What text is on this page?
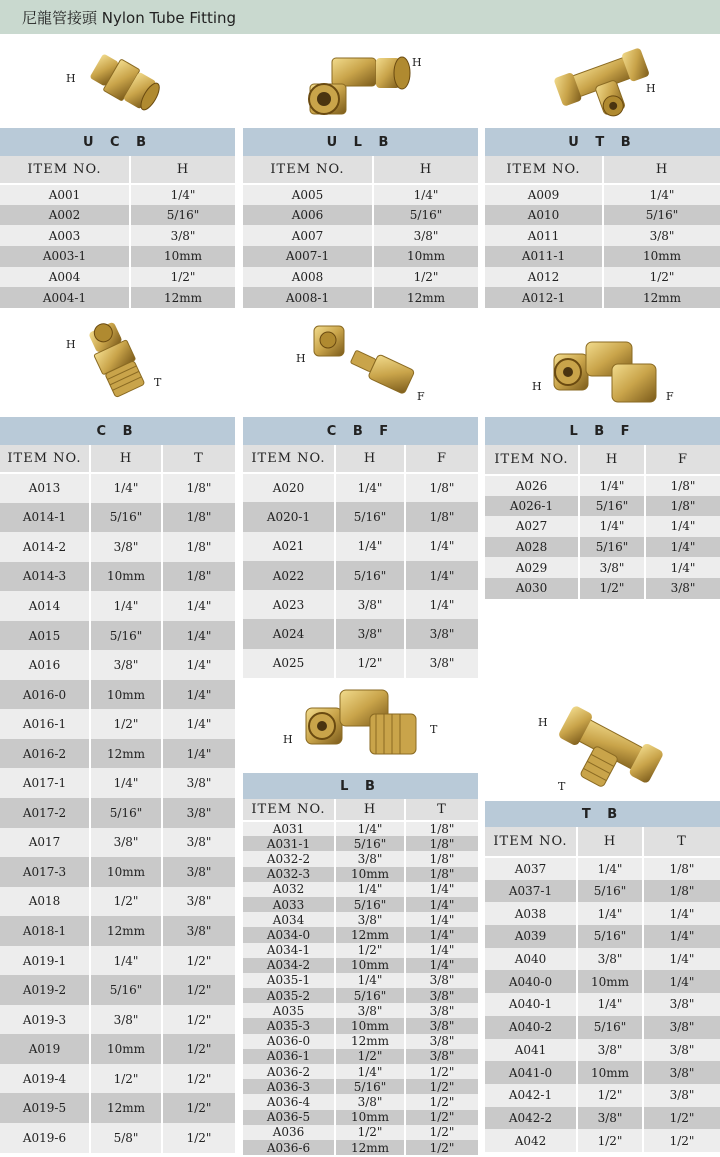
尼龍管接頭 Nylon Tube Fitting
H
H
H
U C B	
ITEM NO.	H
A001	1/4"
A002	5/16"
A003	3/8"
A003-1	10mm
A004	1/2"
A004-1	12mm
U L B	
ITEM NO.	H
A005	1/4"
A006	5/16"
A007	3/8"
A007-1	10mm
A008	1/2"
A008-1	12mm
U T B	
ITEM NO.	H
A009	1/4"
A010	5/16"
A011	3/8"
A011-1	10mm
A012	1/2"
A012-1	12mm
H
T
H
F
H
F
C B		
ITEM NO.	H	T
A013	1/4"	1/8"
A014-1	5/16"	1/8"
A014-2	3/8"	1/8"
A014-3	10mm	1/8"
A014	1/4"	1/4"
A015	5/16"	1/4"
A016	3/8"	1/4"
A016-0	10mm	1/4"
A016-1	1/2"	1/4"
A016-2	12mm	1/4"
A017-1	1/4"	3/8"
A017-2	5/16"	3/8"
A017	3/8"	3/8"
A017-3	10mm	3/8"
A018	1/2"	3/8"
A018-1	12mm	3/8"
A019-1	1/4"	1/2"
A019-2	5/16"	1/2"
A019-3	3/8"	1/2"
A019	10mm	1/2"
A019-4	1/2"	1/2"
A019-5	12mm	1/2"
A019-6	5/8"	1/2"
C B F		
ITEM NO.	H	F
A020	1/4"	1/8"
A020-1	5/16"	1/8"
A021	1/4"	1/4"
A022	5/16"	1/4"
A023	3/8"	1/4"
A024	3/8"	3/8"
A025	1/2"	3/8"
L B F		
ITEM NO.	H	F
A026	1/4"	1/8"
A026-1	5/16"	1/8"
A027	1/4"	1/4"
A028	5/16"	1/4"
A029	3/8"	1/4"
A030	1/2"	3/8"
H
T
H
T
L B		
ITEM NO.	H	T
A031	1/4"	1/8"
A031-1	5/16"	1/8"
A032-2	3/8"	1/8"
A032-3	10mm	1/8"
A032	1/4"	1/4"
A033	5/16"	1/4"
A034	3/8"	1/4"
A034-0	12mm	1/4"
A034-1	1/2"	1/4"
A034-2	10mm	1/4"
A035-1	1/4"	3/8"
A035-2	5/16"	3/8"
A035	3/8"	3/8"
A035-3	10mm	3/8"
A036-0	12mm	3/8"
A036-1	1/2"	3/8"
A036-2	1/4"	1/2"
A036-3	5/16"	1/2"
A036-4	3/8"	1/2"
A036-5	10mm	1/2"
A036	1/2"	1/2"
A036-6	12mm	1/2"
T B		
ITEM NO.	H	T
A037	1/4"	1/8"
A037-1	5/16"	1/8"
A038	1/4"	1/4"
A039	5/16"	1/4"
A040	3/8"	1/4"
A040-0	10mm	1/4"
A040-1	1/4"	3/8"
A040-2	5/16"	3/8"
A041	3/8"	3/8"
A041-0	10mm	3/8"
A042-1	1/2"	3/8"
A042-2	3/8"	1/2"
A042	1/2"	1/2"
